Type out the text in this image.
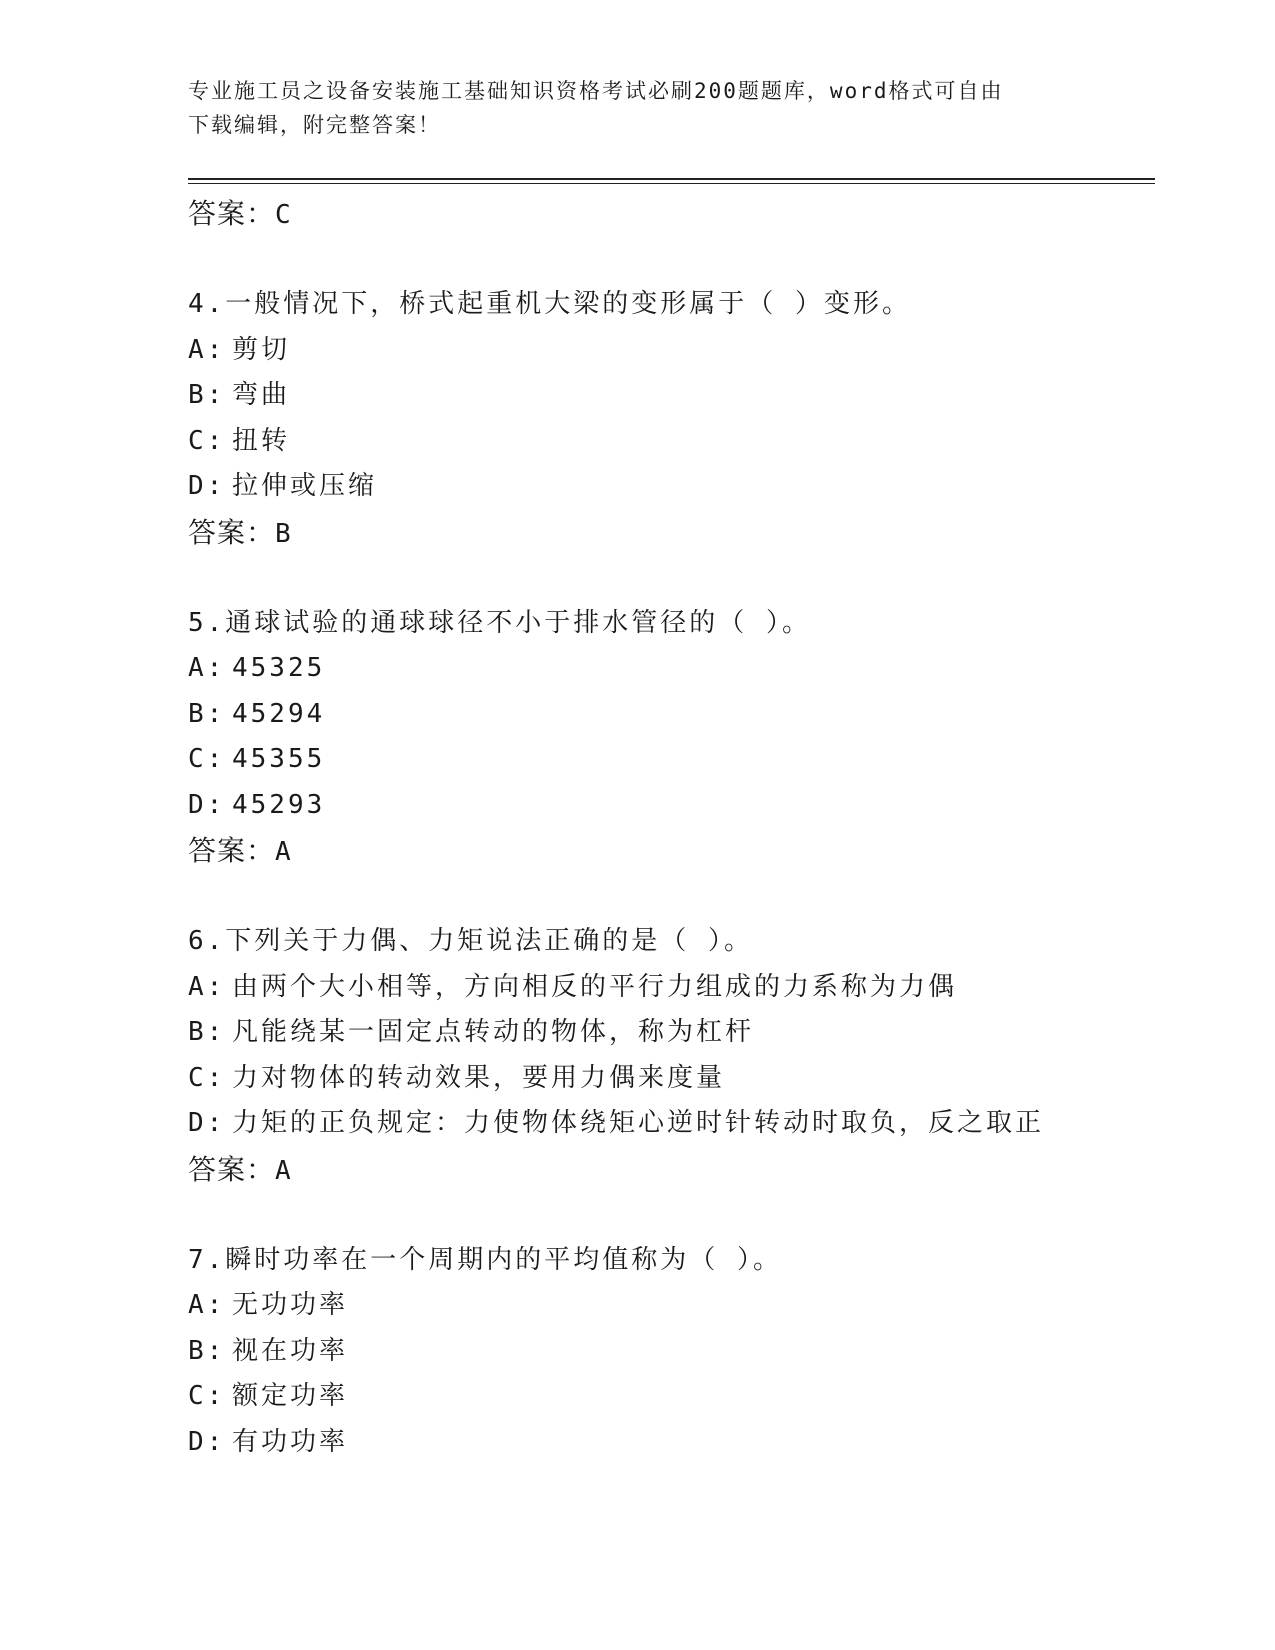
专业施工员之设备安装施工基础知识资格考试必刷200题题库，word格式可自由
下载编辑，附完整答案！
答案：C
4.一般情况下，桥式起重机大梁的变形属于（ ）变形。
A: 剪切
B: 弯曲
C: 扭转
D: 拉伸或压缩
答案：B
5.通球试验的通球球径不小于排水管径的（ ）。
A: 45325
B: 45294
C: 45355
D: 45293
答案：A
6.下列关于力偶、力矩说法正确的是（ ）。
A: 由两个大小相等，方向相反的平行力组成的力系称为力偶
B: 凡能绕某一固定点转动的物体，称为杠杆
C: 力对物体的转动效果，要用力偶来度量
D: 力矩的正负规定：力使物体绕矩心逆时针转动时取负，反之取正
答案：A
7.瞬时功率在一个周期内的平均值称为（ ）。
A: 无功功率
B: 视在功率
C: 额定功率
D: 有功功率
